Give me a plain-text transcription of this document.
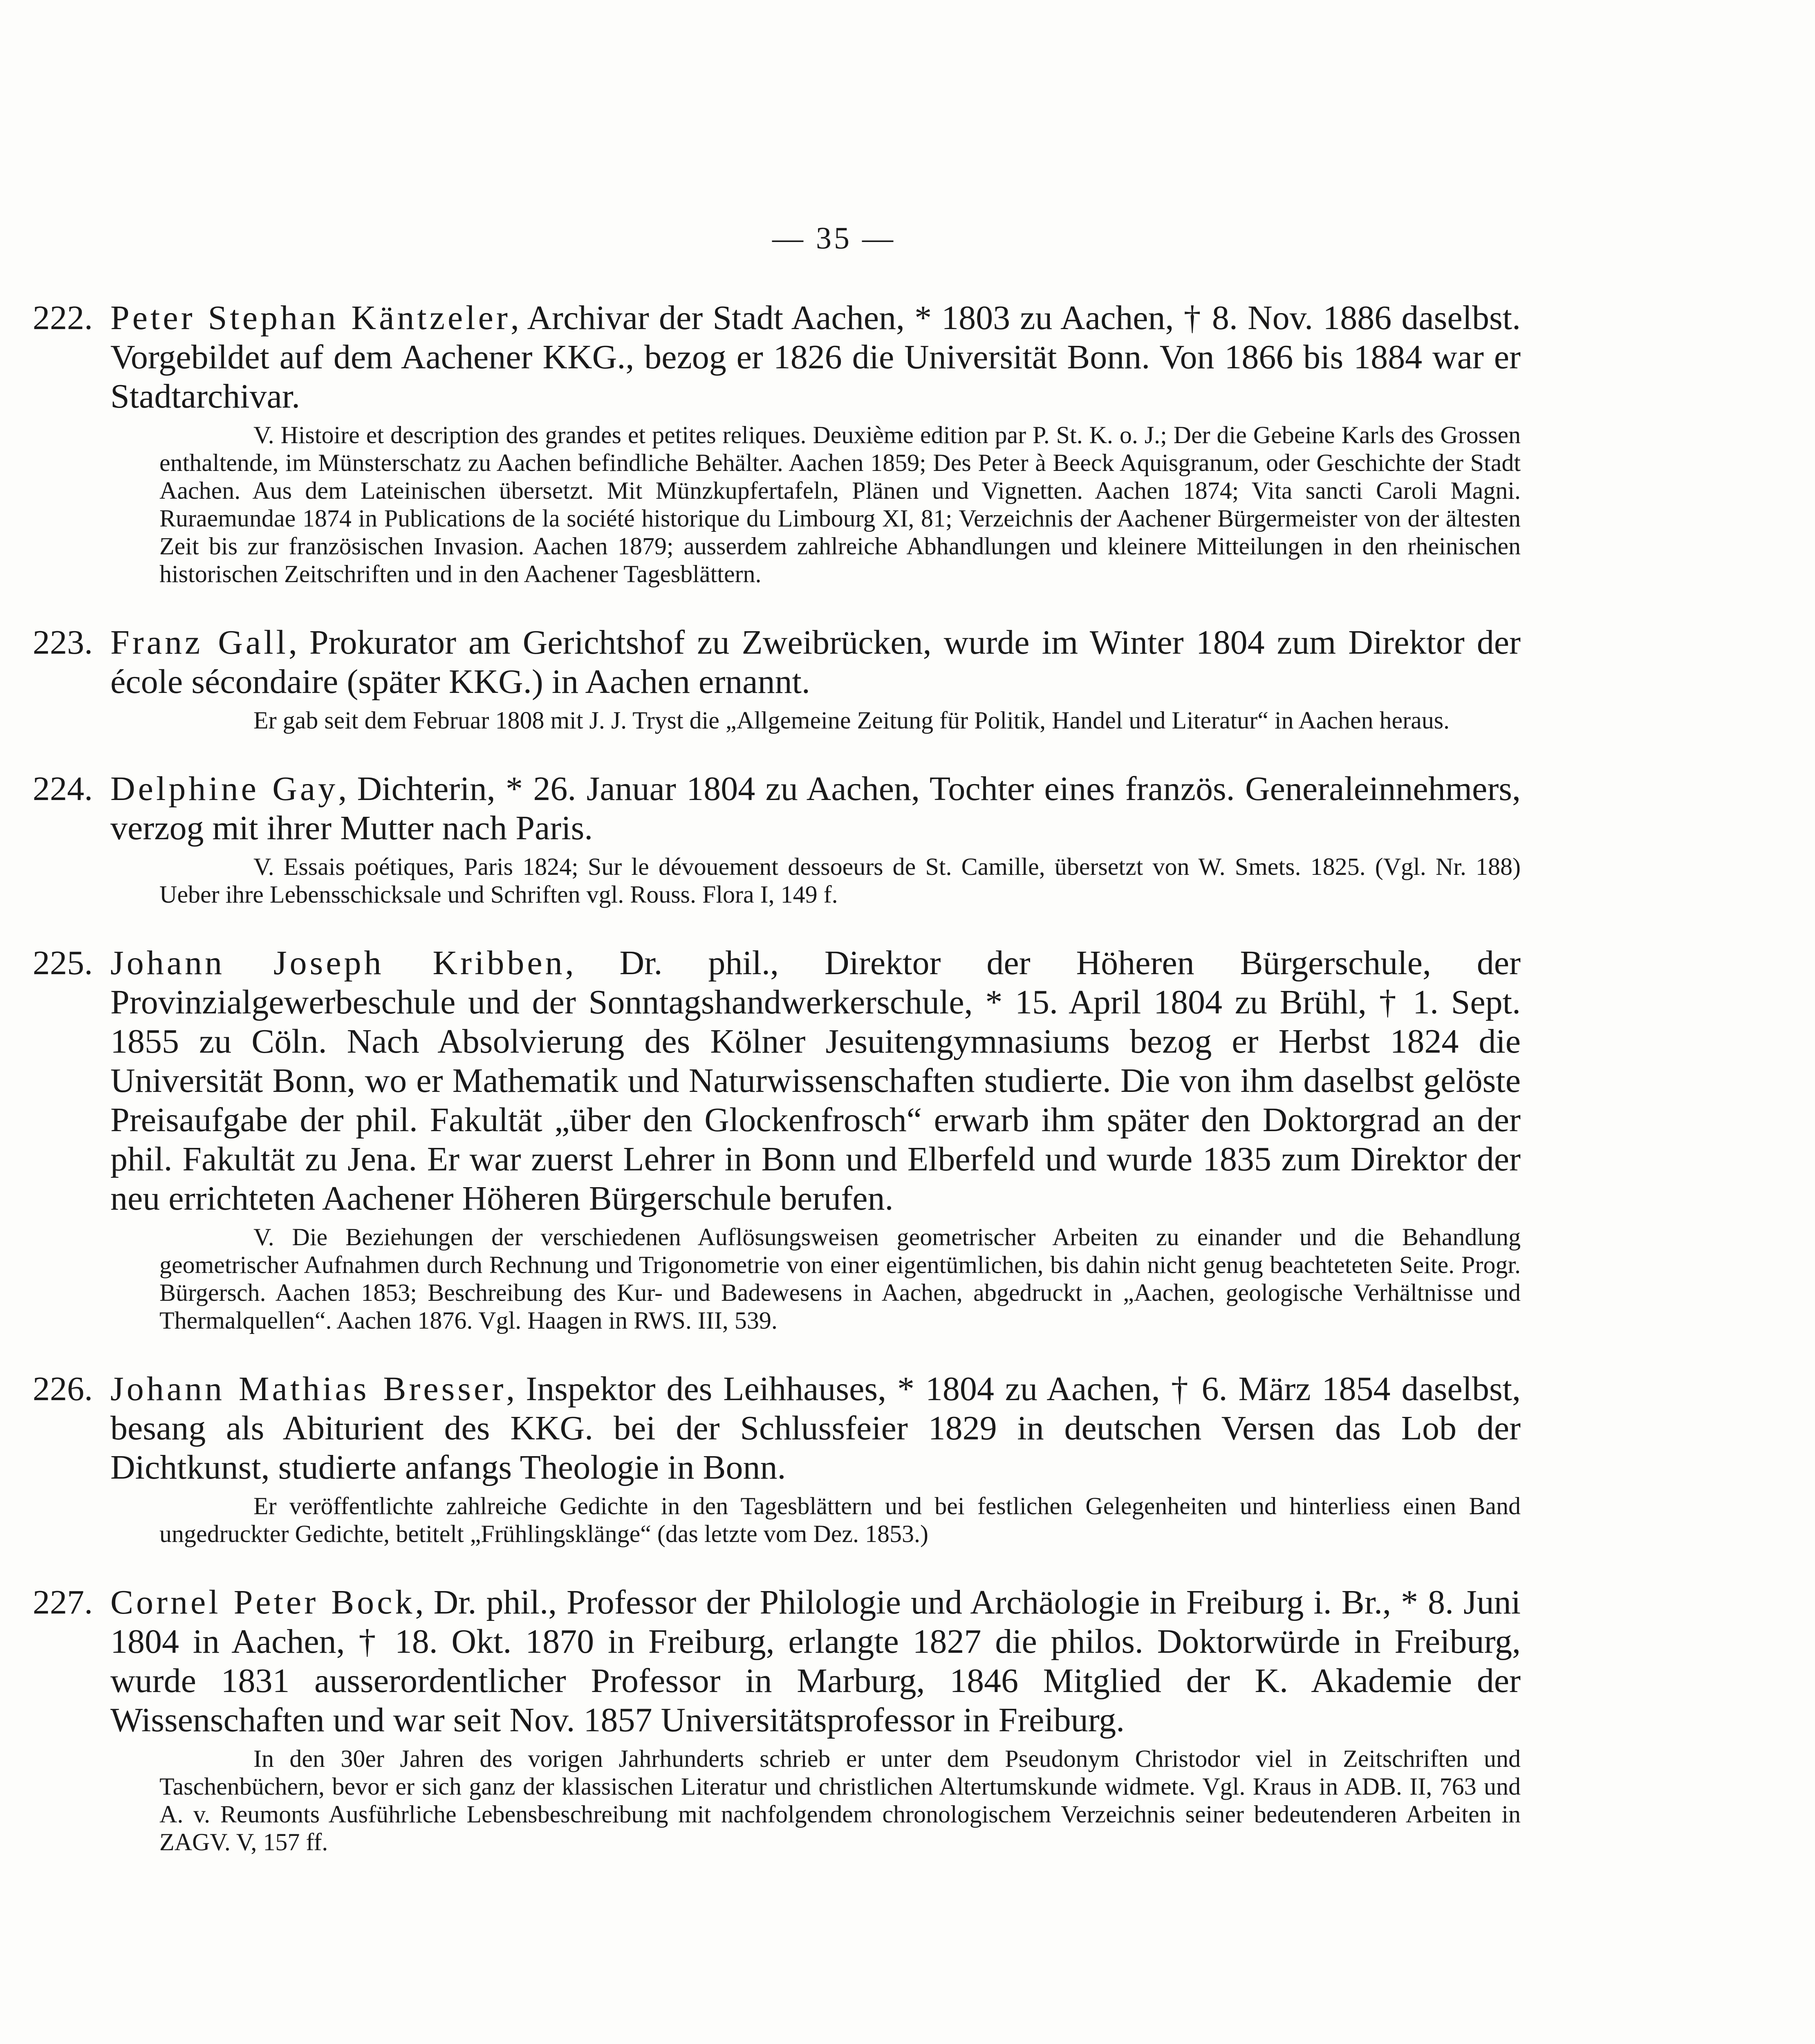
— 35 —
222. Peter Stephan Käntzeler, Archivar der Stadt Aachen, * 1803 zu Aachen, † 8. Nov. 1886 daselbst. Vorgebildet auf dem Aachener KKG., bezog er 1826 die Universität Bonn. Von 1866 bis 1884 war er Stadtarchivar.

V. Histoire et description des grandes et petites reliques. Deuxième edition par P. St. K. o. J.; Der die Gebeine Karls des Grossen enthaltende, im Münsterschatz zu Aachen befindliche Behälter. Aachen 1859; Des Peter à Beeck Aquisgranum, oder Geschichte der Stadt Aachen. Aus dem Lateinischen übersetzt. Mit Münzkupfertafeln, Plänen und Vignetten. Aachen 1874; Vita sancti Caroli Magni. Ruraemundae 1874 in Publications de la société historique du Limbourg XI, 81; Verzeichnis der Aachener Bürgermeister von der ältesten Zeit bis zur französischen Invasion. Aachen 1879; ausserdem zahlreiche Abhandlungen und kleinere Mitteilungen in den rheinischen historischen Zeitschriften und in den Aachener Tagesblättern.

223. Franz Gall, Prokurator am Gerichtshof zu Zweibrücken, wurde im Winter 1804 zum Direktor der école sécondaire (später KKG.) in Aachen ernannt.

Er gab seit dem Februar 1808 mit J. J. Tryst die „Allgemeine Zeitung für Politik, Handel und Literatur“ in Aachen heraus.

224. Delphine Gay, Dichterin, * 26. Januar 1804 zu Aachen, Tochter eines französ. Generaleinnehmers, verzog mit ihrer Mutter nach Paris.

V. Essais poétiques, Paris 1824; Sur le dévouement dessoeurs de St. Camille, übersetzt von W. Smets. 1825. (Vgl. Nr. 188) Ueber ihre Lebensschicksale und Schriften vgl. Rouss. Flora I, 149 f.

225. Johann Joseph Kribben, Dr. phil., Direktor der Höheren Bürgerschule, der Provinzialgewerbeschule und der Sonntagshandwerkerschule, * 15. April 1804 zu Brühl, † 1. Sept. 1855 zu Cöln. Nach Absolvierung des Kölner Jesuitengymnasiums bezog er Herbst 1824 die Universität Bonn, wo er Mathematik und Naturwissenschaften studierte. Die von ihm daselbst gelöste Preisaufgabe der phil. Fakultät „über den Glockenfrosch“ erwarb ihm später den Doktorgrad an der phil. Fakultät zu Jena. Er war zuerst Lehrer in Bonn und Elberfeld und wurde 1835 zum Direktor der neu errichteten Aachener Höheren Bürgerschule berufen.

V. Die Beziehungen der verschiedenen Auflösungsweisen geometrischer Arbeiten zu einander und die Behandlung geometrischer Aufnahmen durch Rechnung und Trigonometrie von einer eigentümlichen, bis dahin nicht genug beachteteten Seite. Progr. Bürgersch. Aachen 1853; Beschreibung des Kur- und Badewesens in Aachen, abgedruckt in „Aachen, geologische Verhältnisse und Thermalquellen“. Aachen 1876. Vgl. Haagen in RWS. III, 539.

226. Johann Mathias Bresser, Inspektor des Leihhauses, * 1804 zu Aachen, † 6. März 1854 daselbst, besang als Abiturient des KKG. bei der Schlussfeier 1829 in deutschen Versen das Lob der Dichtkunst, studierte anfangs Theologie in Bonn.

Er veröffentlichte zahlreiche Gedichte in den Tagesblättern und bei festlichen Gelegenheiten und hinterliess einen Band ungedruckter Gedichte, betitelt „Frühlingsklänge“ (das letzte vom Dez. 1853.)

227. Cornel Peter Bock, Dr. phil., Professor der Philologie und Archäologie in Freiburg i. Br., * 8. Juni 1804 in Aachen, † 18. Okt. 1870 in Freiburg, erlangte 1827 die philos. Doktorwürde in Freiburg, wurde 1831 ausserordentlicher Professor in Marburg, 1846 Mitglied der K. Akademie der Wissenschaften und war seit Nov. 1857 Universitätsprofessor in Freiburg.

In den 30er Jahren des vorigen Jahrhunderts schrieb er unter dem Pseudonym Christodor viel in Zeitschriften und Taschenbüchern, bevor er sich ganz der klassischen Literatur und christlichen Altertumskunde widmete. Vgl. Kraus in ADB. II, 763 und A. v. Reumonts Ausführliche Lebensbeschreibung mit nachfolgendem chronologischem Verzeichnis seiner bedeutenderen Arbeiten in ZAGV. V, 157 ff.
